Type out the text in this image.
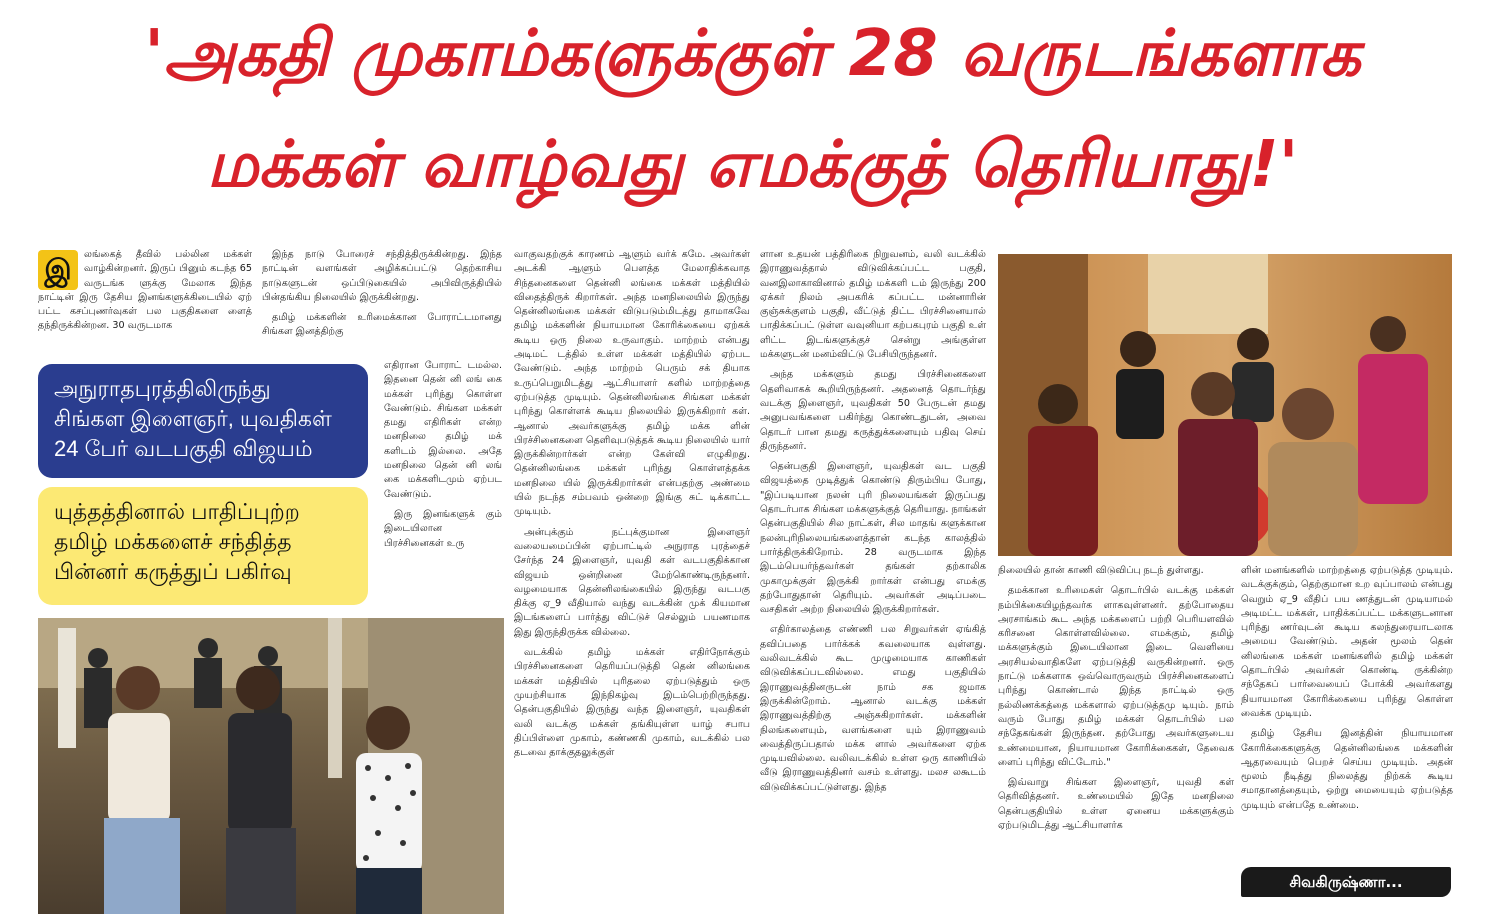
'அகதி முகாம்களுக்குள் 28 வருடங்களாக
மக்கள் வாழ்வது எமக்குத் தெரியாது!'
இ	லங்கைத் தீவில் பல்லின மக்கள் வாழ்கின்றனர். இருப் பினும் கடந்த 65 வருடங்க ளுக்கு மேலாக இந்த நாட்டின் இரு தேசிய இனங்களுக்கிடையில் ஏற் பட்ட கசப்புணர்வுகள் பல பகுதிகளை ளைத் தந்திருக்கின்றன. 30 வருடமாக

இந்த நாடு போரைச் சந்தித்திருக்கின்றது. இந்த நாட்டின் வளங்கள் அழிக்கப்பட்டு தெற்காசிய நாடுகளுடன் ஒப்பிடுகையில் அபிவிருத்தியில் பின்தங்கிய நிலையில் இருக்கின்றது.

தமிழ் மக்களின் உரிமைக்கான போராட்டமானது சிங்கள இனத்திற்கு

எதிரான போராட் டமல்ல. இதனை தென் னி லங் கை மக்கள் புரிந்து கொள்ள வேண்டும். சிங்கள மக்கள் தமது எதிரிகள் என்ற மனநிலை தமிழ் மக் களிடம் இல்லை. அதே மனநிலை தென் னி லங் கை மக்களிடமும் ஏற்பட வேண்டும்.

இரு இனங்களுக் கும் இடையிலான பிரச்சினைகள் உரு

அநுராதபுரத்திலிருந்து
சிங்கள இளைஞர், யுவதிகள்
24 பேர் வடபகுதி விஜயம்
யுத்தத்தினால் பாதிப்புற்ற
தமிழ் மக்களைச் சந்தித்த
பின்னர் கருத்துப் பகிர்வு

வாகுவதற்குக் காரணம் ஆளும் வர்க் கமே. அவர்கள் அடக்கி ஆளும் பௌத்த மேலாதிக்கவாத சிந்தனைகளை தென்னி லங்கை மக்கள் மத்தியில் விதைத்திருக் கிறார்கள். அந்த மனநிலையில் இருந்து தென்னிலங்கை மக்கள் விடுபடும்மிடத்து தாமாகவே தமிழ் மக்களின் நியாயமான கோரிக்கையை ஏற்கக் கூடிய ஒரு நிலை உருவாகும். மாற்றம் என்பது அடிமட் டத்தில் உள்ள மக்கள் மத்தியில் ஏற்பட வேண்டும். அந்த மாற்றம் பெரும் சக் தியாக உருப்பெறுமிடத்து ஆட்சியாளர் களில் மாற்றத்தை ஏற்படுத்த முடியும். தென்னிலங்கை சிங்கள மக்கள் புரிந்து கொள்ளக் கூடிய நிலையில் இருக்கிறார் கள். ஆனால் அவர்களுக்கு தமிழ் மக்க ளின் பிரச்சினைகளை தெளிவுபடுத்தக் கூடிய நிலையில் யார் இருக்கின்றார்கள் என்ற கேள்வி எழுகிறது. தென்னிலங்கை மக்கள் புரிந்து கொள்ளத்தக்க மனநிலை யில் இருக்கிறார்கள் என்பதற்கு அண்மை யில் நடந்த சம்பவம் ஒன்றை இங்கு சுட் டிக்காட்ட முடியும்.

அன்புக்கும் நட்புக்குமான இளைஞர் வலையமைப்பின் ஏற்பாட்டில் அநுராத புரத்தைச் சேர்ந்த 24 இளைஞர், யுவதி கள் வடபகுதிக்கான விஜயம் ஒன்றினை மேற்கொண்டிருந்தனர். வழமையாக தென்னிலங்கையில் இருந்து வடபகு திக்கு ஏ_9 வீதியால் வந்து வடக்கின் முக் கியமான இடங்களைப் பார்த்து விட்டுச் செல்லும் பயணமாக இது இருந்திருக்க வில்லை.

வடக்கில் தமிழ் மக்கள் எதிர்நோக்கும் பிரச்சினைகளை தெரியப்படுத்தி தென் னிலங்கை மக்கள் மத்தியில் புரிதலை ஏற்படுத்தும் ஒரு முயற்சியாக இந்நிகழ்வு இடம்பெற்றிருந்தது. தென்பகுதியில் இருந்து வந்த இளைஞர், யுவதிகள் வலி வடக்கு மக்கள் தங்கியுள்ள யாழ் சபாப திப்பிள்ளை முகாம், கண்ணகி முகாம், வடக்கில் பல தடவை தாக்குதலுக்குள்

ளான உதயன் பத்திரிகை நிறுவனம், வலி வடக்கில் இராணுவத்தால் விடுவிக்கப்பட்ட பகுதி, வனஇலாகாவினால் தமிழ் மக்களி டம் இருந்து 200 ஏக்கர் நிலம் அபகரிக் கப்பட்ட மன்னாரின் குஞ்சுக்குளம் பகுதி, வீட்டுத் திட்ட பிரச்சினையால் பாதிக்கப்பட் டுள்ள வவுனியா கற்பகபுரம் பகுதி உள் ளிட்ட இடங்களுக்குச் சென்று அங்குள்ள மக்களுடன் மனம்விட்டு பேசியிருந்தனர்.

அந்த மக்களும் தமது பிரச்சினைகளை தெளிவாகக் கூறியிருந்தனர். அதனைத் தொடர்ந்து வடக்கு இளைஞர், யுவதிகள் 50 பேருடன் தமது அனுபவங்களை பகிர்ந்து கொண்டதுடன், அவை தொடர் பான தமது கருத்துக்களையும் பதிவு செய் திருந்தனர்.

தென்பகுதி இளைஞர், யுவதிகள் வட பகுதி விஜயத்தை முடித்துக் கொண்டு திரும்பிய போது, "இப்படியான நலன் புரி நிலையங்கள் இருப்பது தொடர்பாக சிங்கள மக்களுக்குத் தெரியாது. நாங்கள் தென்பகுதியில் சில நாட்கள், சில மாதங் களுக்கான நலன்புரிநிலையங்களைத்தான் கடந்த காலத்தில் பார்த்திருக்கிறோம். 28 வருடமாக இந்த இடம்பெயர்ந்தவர்கள் தங்கள் தற்காலிக முகாமுக்குள் இருக்கி றார்கள் என்பது எமக்கு தற்போதுதான் தெரியும். அவர்கள் அடிப்படை வசதிகள் அற்ற நிலையில் இருக்கிறார்கள்.

எதிர்காலத்தை எண்ணி பல சிறுவர்கள் ஏங்கித் தவிப்பதை பார்க்கக் கவலையாக வுள்ளது. வலிவடக்கில் கூட முழுமையாக காணிகள் விடுவிக்கப்படவில்லை. எமது பகுதியில் இராணுவத்தினருடன் நாம் சக ஜமாக இருக்கின்றோம். ஆனால் வடக்கு மக்கள் இராணுவத்திற்கு அஞ்சுகிறார்கள். மக்களின் நிலங்களையும், வளங்களை யும் இராணுவம் வைத்திருப்பதால் மக்க ளால் அவர்களை ஏற்க முடியவில்லை. வலிவடக்கில் உள்ள ஒரு காணியில் வீடு இராணுவத்தினர் வசம் உள்ளது. மலச லகூடம் விடுவிக்கப்பட்டுள்ளது. இந்த

நிலையில் தான் காணி விடுவிப்பு நடந் துள்ளது.

தமக்கான உரிமைகள் தொடர்பில் வடக்கு மக்கள் நம்பிக்கையிழந்தவர்க ளாகவுள்ளனர். தற்போதைய அரசாங்கம் கூட அந்த மக்களைப் பற்றி பெரியளவில் கரிசனை கொள்ளவில்லை. எமக்கும், தமிழ் மக்களுக்கும் இடையிலான இடை வெளியை அரசியல்வாதிகளே ஏற்படுத்தி வருகின்றனர். ஒரு நாட்டு மக்களாக ஒவ்வொருவரும் பிரச்சினைகளைப் புரிந்து கொண்டால் இந்த நாட்டில் ஒரு நல்லிணக்கத்தை மக்களால் ஏற்படுத்தமு டியும். நாம் வரும் போது தமிழ் மக்கள் தொடர்பில் பல சந்தேகங்கள் இருந்தன. தற்போது அவர்களுடைய உண்மையான, நியாயமான கோரிக்கைகள், தேவைக ளைப் புரிந்து விட்டோம்."

இவ்வாறு சிங்கள இளைஞர், யுவதி கள் தெரிவித்தனர். உண்மையில் இதே மனநிலை தென்பகுதியில் உள்ள ஏனைய மக்களுக்கும் ஏற்படுமிடத்து ஆட்சியாளர்க

ளின் மனங்களில் மாற்றத்தை ஏற்படுத்த முடியும். வடக்குக்கும், தெற்குமான உற வுப்பாலம் என்பது வெறும் ஏ_9 வீதிப் பய ணத்துடன் முடியாமல் அடிமட்ட மக்கள், பாதிக்கப்பட்ட மக்களுடனான புரிந்து ணர்வுடன் கூடிய கலந்துரையாடலாக அமைய வேண்டும். அதன் மூலம் தென் னிலங்கை மக்கள் மனங்களில் தமிழ் மக்கள் தொடர்பில் அவர்கள் கொண்டி ருக்கின்ற சந்தேகப் பார்வையைப் போக்கி அவர்களது நியாயமான கோரிக்கையை புரிந்து கொள்ள வைக்க முடியும்.

தமிழ் தேசிய இனத்தின் நியாயமான கோரிக்கைகளுக்கு தென்னிலங்கை மக்களின் ஆதரவையும் பெறச் செய்ய முடியும். அதன் மூலம் நீடித்து நிலைத்து நிற்கக் கூடிய சமாதானத்தையும், ஒற்று மையையும் ஏற்படுத்த முடியும் என்பதே உண்மை.

சிவகிருஷ்ணா...
